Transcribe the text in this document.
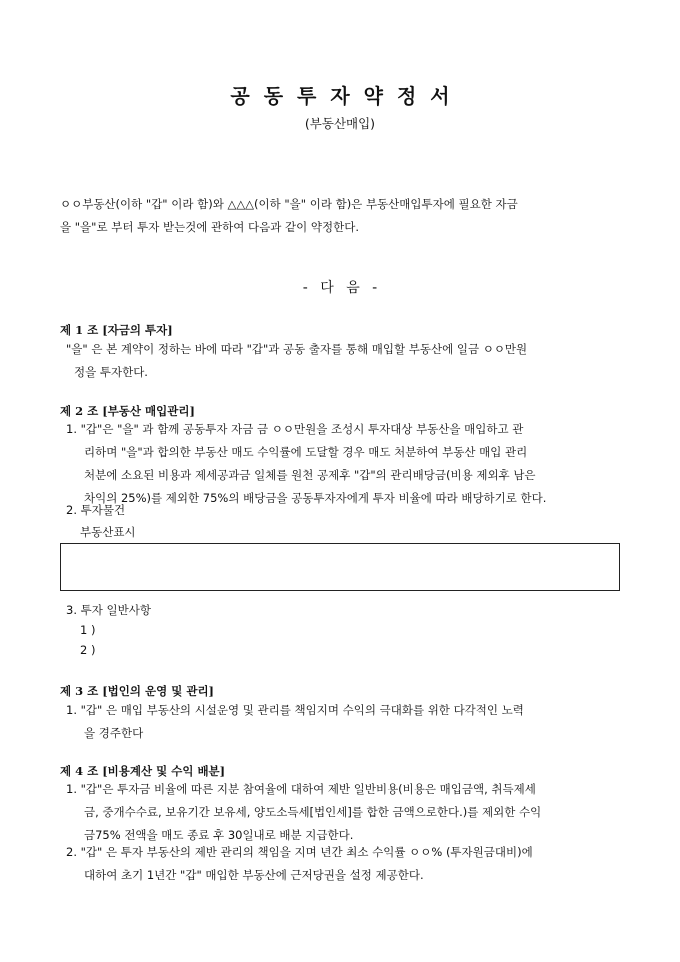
공동투자약정서
(부동산매입)
ㅇㅇ부동산(이하 "갑" 이라 함)와 △△△(이하 "을" 이라 함)은 부동산매입투자에 필요한 자금
을 "을"로 부터 투자 받는것에 관하여 다음과 같이 약정한다.
- 다 음 -
제 1 조 [자금의 투자]
"을" 은 본 계약이 정하는 바에 따라 "갑"과 공동 출자를 통해 매입할 부동산에 일금 ㅇㅇ만원
정을 투자한다.
제 2 조 [부동산 매입관리]
1. "갑"은 "을" 과 함께 공동투자 자금 금 ㅇㅇ만원을 조성시 투자대상 부동산을 매입하고 관
리하며 "을"과 합의한 부동산 매도 수익률에 도달할 경우 매도 처분하여 부동산 매입 관리
처분에 소요된 비용과 제세공과금 일체를 원천 공제후 "갑"의 관리배당금(비용 제외후 남은
차익의 25%)를 제외한 75%의 배당금을 공동투자자에게 투자 비율에 따라 배당하기로 한다.
2. 투자물건
부동산표시
3. 투자 일반사항
1 )
2 )
제 3 조 [법인의 운영 및 관리]
1. "갑" 은 매입 부동산의 시설운영 및 관리를 책임지며 수익의 극대화를 위한 다각적인 노력
을 경주한다
제 4 조 [비용계산 및 수익 배분]
1. "갑"은 투자금 비율에 따른 지분 참여율에 대하여 제반 일반비용(비용은 매입금액, 취득제세
금, 중개수수료, 보유기간 보유세, 양도소득세[법인세]를 합한 금액으로한다.)를 제외한 수익
금75% 전액을 매도 종료 후 30일내로 배분 지급한다.
2. "갑" 은 투자 부동산의 제반 관리의 책임을 지며 년간 최소 수익률 ㅇㅇ% (투자원금대비)에
대하여 초기 1년간 "갑" 매입한 부동산에 근저당권을 설정 제공한다.
